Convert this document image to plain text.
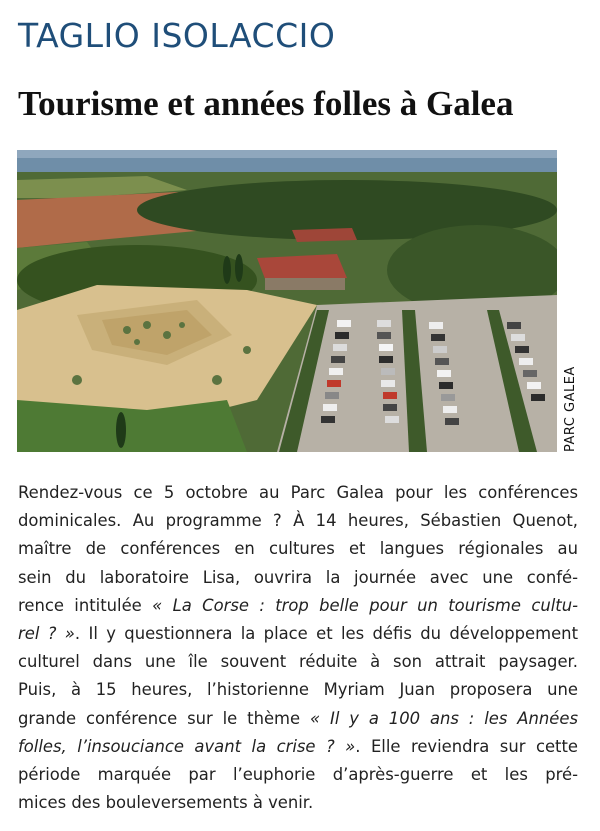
TAGLIO ISOLACCIO
Tourisme et années folles à Galea
PARC GALEA
Rendez-vous ce 5 octobre au Parc Galea pour les conférences
dominicales. Au programme ? À 14 heures, Sébastien Quenot,
maître de conférences en cultures et langues régionales au
sein du laboratoire Lisa, ouvrira la journée avec une confé-
rence intitulée « La Corse : trop belle pour un tourisme cultu-
rel ? ». Il y questionnera la place et les défis du développement
culturel dans une île souvent réduite à son attrait paysager.
Puis, à 15 heures, l’historienne Myriam Juan proposera une
grande conférence sur le thème « Il y a 100 ans : les Années
folles, l’insouciance avant la crise ? ». Elle reviendra sur cette
période marquée par l’euphorie d’après-guerre et les pré-
mices des bouleversements à venir.
